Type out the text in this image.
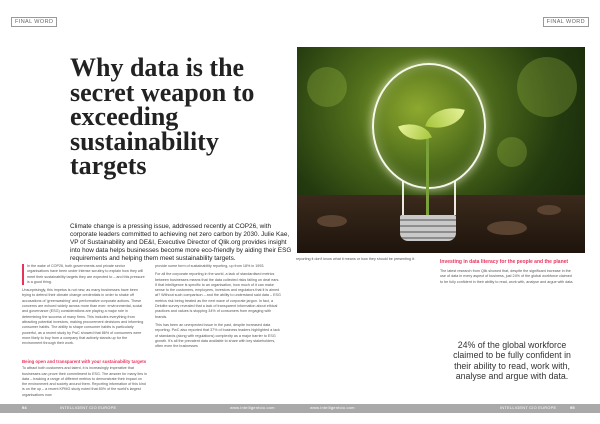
FINAL WORD	FINAL WORD
Why data is the secret weapon to exceeding sustainability targets
Climate change is a pressing issue, addressed recently at COP26, with corporate leaders committed to achieving net zero carbon by 2030. Julie Kae, VP of Sustainability and DE&I, Executive Director of Qlik.org provides insight into how data helps businesses become more eco-friendly by aiding their ESG requirements and helping them meet sustainability targets.

In the wake of COP26, both governments and private sector organisations have been under intense scrutiny to explain how they will meet their sustainability targets they are expected to – and this pressure is a good thing.

Unsurprisingly, this impetus is not new, as many businesses have been trying to defend their climate change credentials in order to shake off accusations of 'greenwashing' and performative corporate actions. These concerns are echoed widely across more than ever: environmental, social and governance (ESG) considerations are playing a major role in determining the success of many firms. This includes everything from attracting potential investors, making procurement decisions and informing consumer habits. The ability to shape consumer habits is particularly powerful, as a recent study by PwC showed that 86% of consumers were more likely to buy from a company that actively stands up for the environment through their work.

Being open and transparent with your sustainability targets
To attract both customers and talent, it is increasingly imperative that businesses can prove their commitment to ESG. The answer for many lies in data – tracking a range of different metrics to demonstrate their impact on the environment and society around them. Reporting information of this kind is on the up – a recent KPMG study noted that 80% of the world's largest organisations now

provide some form of sustainability reporting, up from 18% in 1993.

For all the corporate reporting in the world, a lack of standardised metrics between businesses means that the data collected risks falling on deaf ears. If that intelligence is specific to an organisation, how much of it can make sense to the customers, employees, investors and regulators that it is aimed at? Without such comparison – and the ability to understand said data – ESG metrics risk being treated as the next wave of corporate jargon. In fact, a Deloitte survey revealed that a lack of transparent information about ethical practices and values is stopping 34% of consumers from engaging with brands.

This has been an unexpected issue in the past, despite increased data reporting. PwC also reported that 37% of business leaders highlighted a lack of standards (along with regulations) complexity as a major barrier to ESG growth. It's all the prevalent data available to share with key stakeholders, often even the businesses

reporting it don't know what it means or how they should be presenting it.	Investing in data literacy for the people and the planet

The latest research from Qlik showed that, despite the significant increase in the use of data in every aspect of business, just 24% of the global workforce claimed to be fully confident in their ability to read, work with, analyse and argue with data.

24% of the global workforce claimed to be fully confident in their ability to read, work with, analyse and argue with data.
94	INTELLIGENT CIO EUROPE	www.intelligentcio.com	www.intelligentcio.com	INTELLIGENT CIO EUROPE	95
